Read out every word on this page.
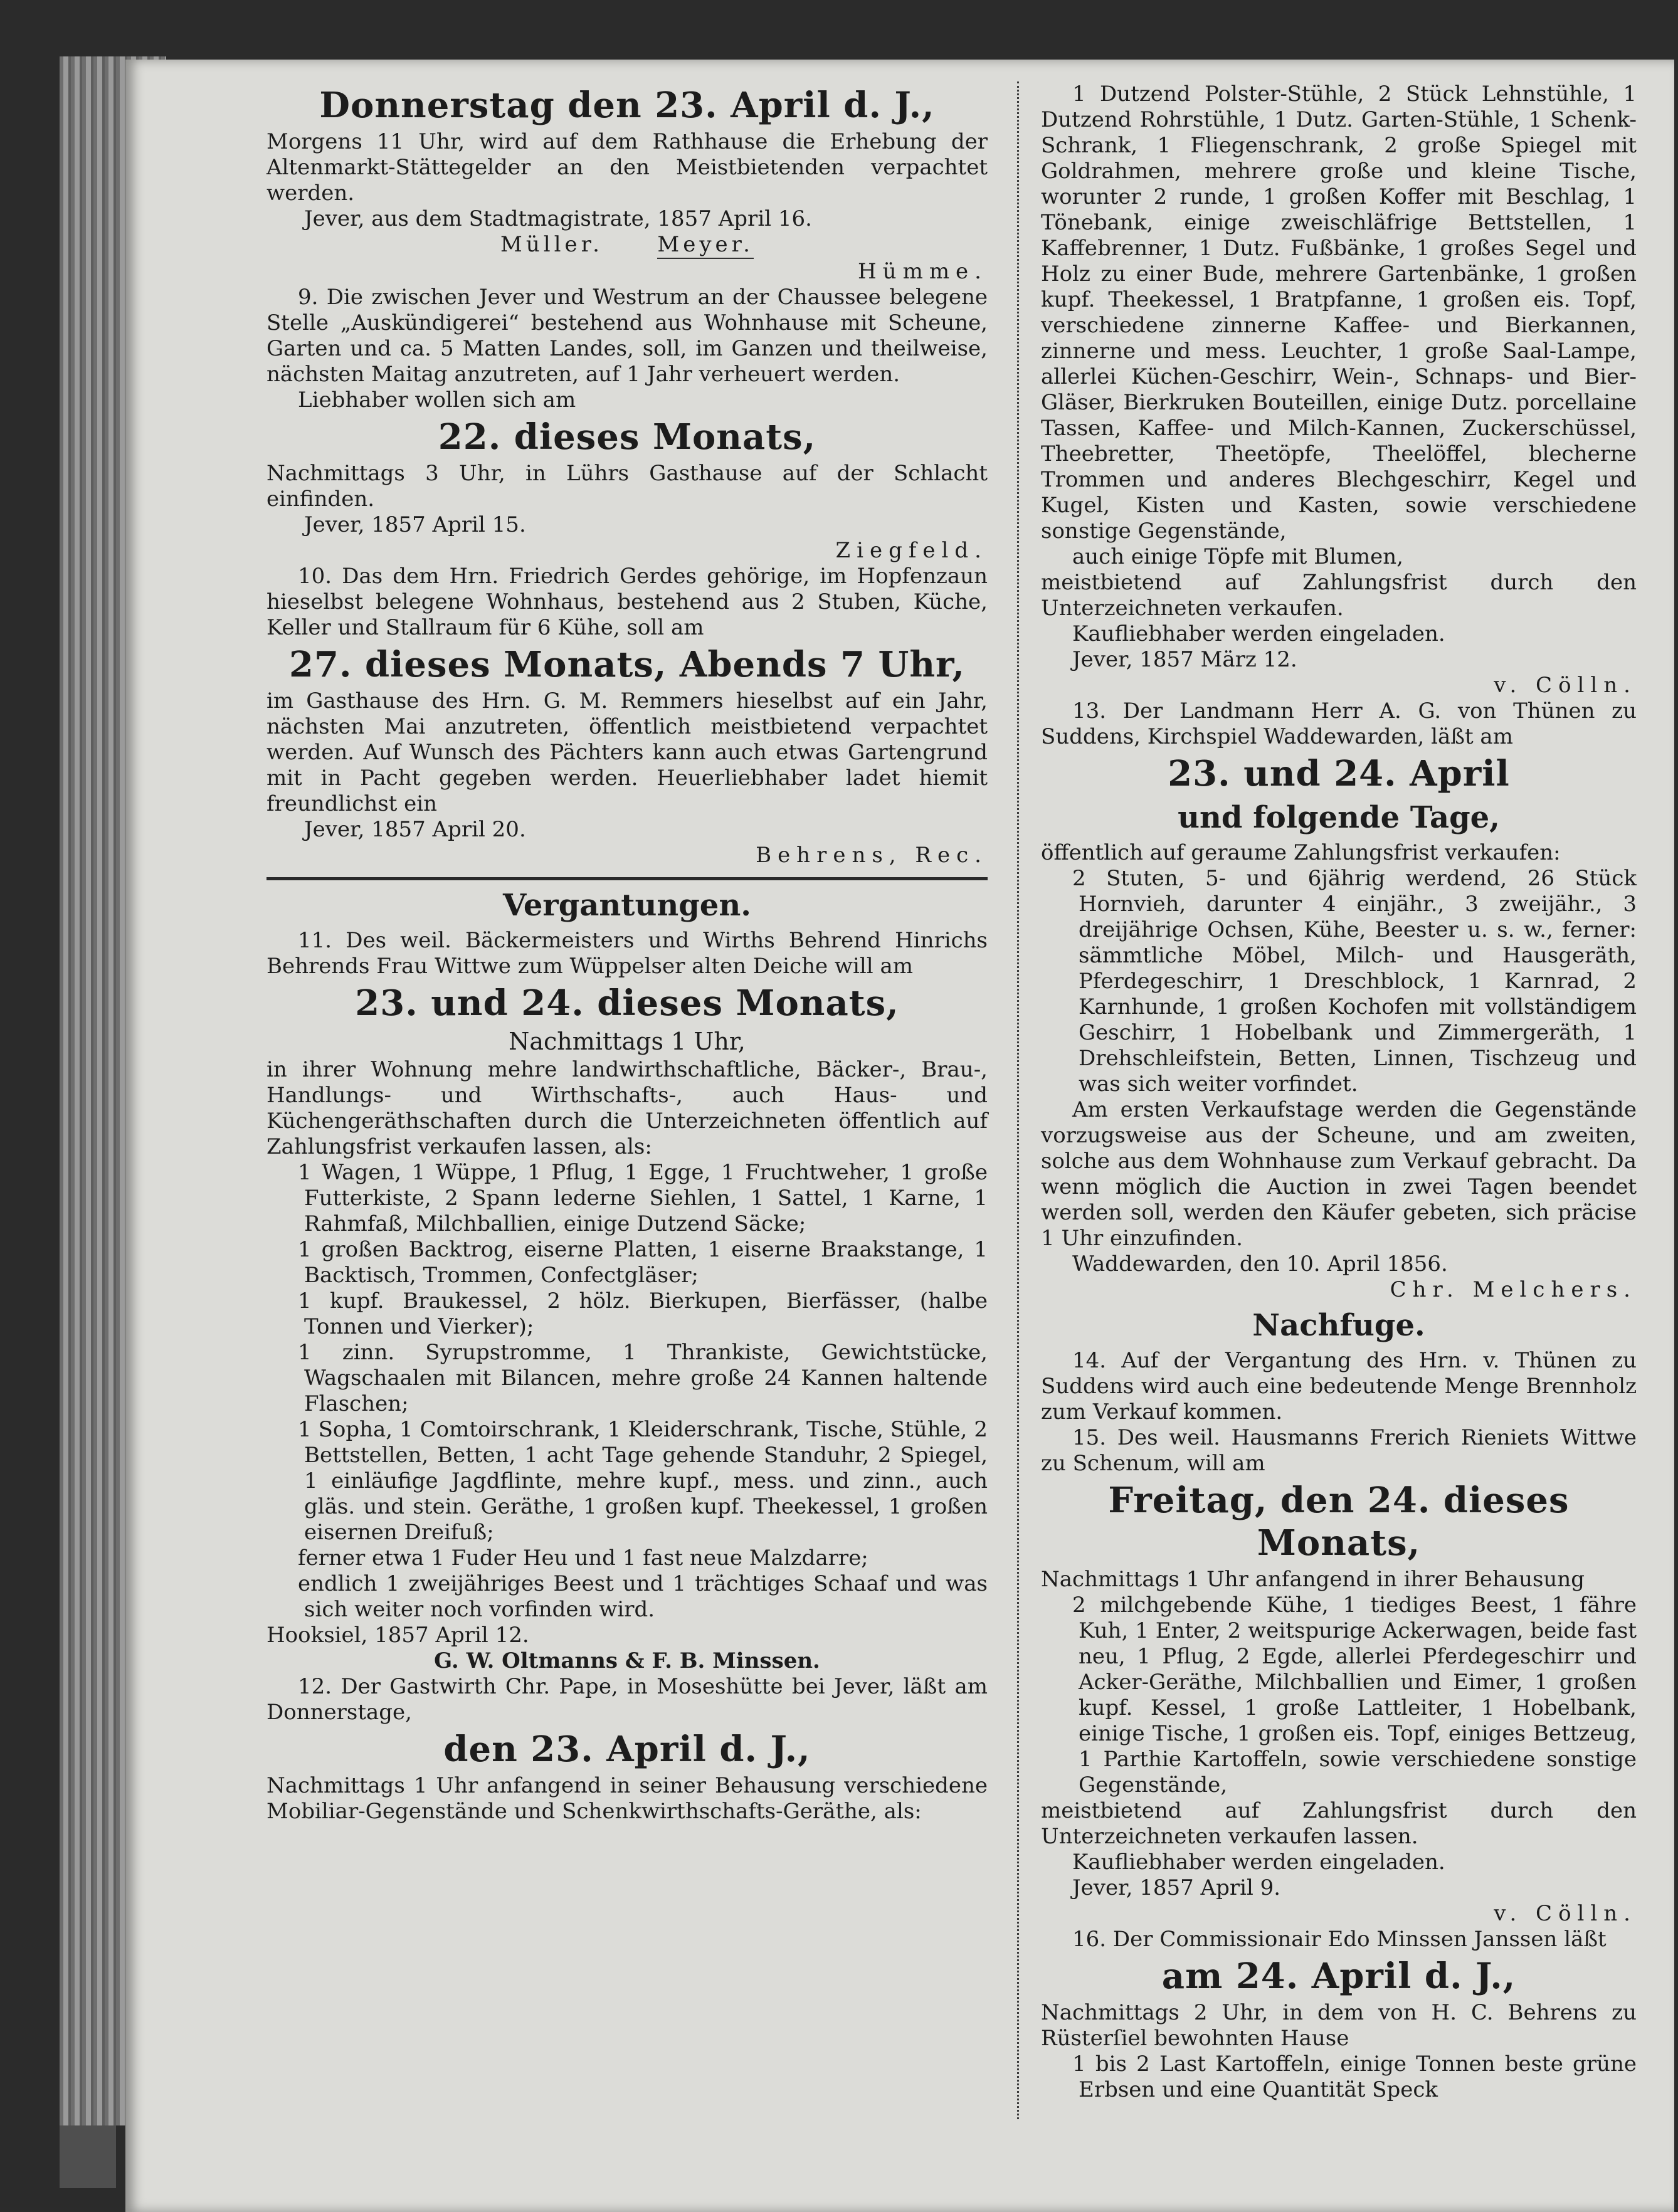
Donnerstag den 23. April d. J.,

Morgens 11 Uhr, wird auf dem Rathhause die Erhebung der Altenmarkt-Stättegelder an den Meistbietenden verpachtet werden.

Jever, aus dem Stadtmagistrate, 1857 April 16.

Müller.	Meyer.

Hümme.

9. Die zwischen Jever und Westrum an der Chaussee belegene Stelle „Auskündigerei“ bestehend aus Wohnhause mit Scheune, Garten und ca. 5 Matten Landes, soll, im Ganzen und theilweise, nächsten Maitag anzutreten, auf 1 Jahr verheuert werden.

Liebhaber wollen sich am

22. dieses Monats,

Nachmittags 3 Uhr, in Lührs Gasthause auf der Schlacht einfinden.

Jever, 1857 April 15.

Ziegfeld.

10. Das dem Hrn. Friedrich Gerdes gehörige, im Hopfenzaun hieselbst belegene Wohnhaus, bestehend aus 2 Stuben, Küche, Keller und Stallraum für 6 Kühe, soll am

27. dieses Monats, Abends 7 Uhr,

im Gasthause des Hrn. G. M. Remmers hieselbst auf ein Jahr, nächsten Mai anzutreten, öffentlich meistbietend verpachtet werden. Auf Wunsch des Pächters kann auch etwas Gartengrund mit in Pacht gegeben werden. Heuerliebhaber ladet hiemit freundlichst ein

Jever, 1857 April 20.

Behrens, Rec.

Vergantungen.

11. Des weil. Bäckermeisters und Wirths Behrend Hinrichs Behrends Frau Wittwe zum Wüppelser alten Deiche will am

23. und 24. dieses Monats,

Nachmittags 1 Uhr,

in ihrer Wohnung mehre landwirthschaftliche, Bäcker-, Brau-, Handlungs- und Wirthschafts-, auch Haus- und Küchengeräthschaften durch die Unterzeichneten öffentlich auf Zahlungsfrist verkaufen lassen, als:

1 Wagen, 1 Wüppe, 1 Pflug, 1 Egge, 1 Fruchtweher, 1 große Futterkiste, 2 Spann lederne Siehlen, 1 Sattel, 1 Karne, 1 Rahmfaß, Milchballien, einige Dutzend Säcke;

1 großen Backtrog, eiserne Platten, 1 eiserne Braakstange, 1 Backtisch, Trommen, Confectgläser;

1 kupf. Braukessel, 2 hölz. Bierkupen, Bierfässer, (halbe Tonnen und Vierker);

1 zinn. Syrupstromme, 1 Thrankiste, Gewichtstücke, Wagschaalen mit Bilancen, mehre große 24 Kannen haltende Flaschen;

1 Sopha, 1 Comtoirschrank, 1 Kleiderschrank, Tische, Stühle, 2 Bettstellen, Betten, 1 acht Tage gehende Standuhr, 2 Spiegel, 1 einläufige Jagdflinte, mehre kupf., mess. und zinn., auch gläs. und stein. Geräthe, 1 großen kupf. Theekessel, 1 großen eisernen Dreifuß;

ferner etwa 1 Fuder Heu und 1 fast neue Malzdarre;

endlich 1 zweijähriges Beest und 1 trächtiges Schaaf und was sich weiter noch vorfinden wird.

Hooksiel, 1857 April 12.

G. W. Oltmanns & F. B. Minssen.

12. Der Gastwirth Chr. Pape, in Moseshütte bei Jever, läßt am Donnerstage,

den 23. April d. J.,

Nachmittags 1 Uhr anfangend in seiner Behausung verschiedene Mobiliar-Gegenstände und Schenkwirthschafts-Geräthe, als:

1 Dutzend Polster-Stühle, 2 Stück Lehnstühle, 1 Dutzend Rohrstühle, 1 Dutz. Garten-Stühle, 1 Schenk-Schrank, 1 Fliegenschrank, 2 große Spiegel mit Goldrahmen, mehrere große und kleine Tische, worunter 2 runde, 1 großen Koffer mit Beschlag, 1 Tönebank, einige zweischläfrige Bettstellen, 1 Kaffebrenner, 1 Dutz. Fußbänke, 1 großes Segel und Holz zu einer Bude, mehrere Gartenbänke, 1 großen kupf. Theekessel, 1 Bratpfanne, 1 großen eis. Topf, verschiedene zinnerne Kaffee- und Bierkannen, zinnerne und mess. Leuchter, 1 große Saal-Lampe, allerlei Küchen-Geschirr, Wein-, Schnaps- und Bier-Gläser, Bierkruken Bouteillen, einige Dutz. porcellaine Tassen, Kaffee- und Milch-Kannen, Zuckerschüssel, Theebretter, Theetöpfe, Theelöffel, blecherne Trommen und anderes Blechgeschirr, Kegel und Kugel, Kisten und Kasten, sowie verschiedene sonstige Gegenstände,

auch einige Töpfe mit Blumen,

meistbietend auf Zahlungsfrist durch den Unterzeichneten verkaufen.

Kaufliebhaber werden eingeladen.

Jever, 1857 März 12.

v. Cölln.

13. Der Landmann Herr A. G. von Thünen zu Suddens, Kirchspiel Waddewarden, läßt am

23. und 24. April

und folgende Tage,

öffentlich auf geraume Zahlungsfrist verkaufen:

2 Stuten, 5- und 6jährig werdend, 26 Stück Hornvieh, darunter 4 einjähr., 3 zweijähr., 3 dreijährige Ochsen, Kühe, Beester u. s. w., ferner: sämmtliche Möbel, Milch- und Hausgeräth, Pferdegeschirr, 1 Dreschblock, 1 Karnrad, 2 Karnhunde, 1 großen Kochofen mit vollständigem Geschirr, 1 Hobelbank und Zimmergeräth, 1 Drehschleifstein, Betten, Linnen, Tischzeug und was sich weiter vorfindet.

Am ersten Verkaufstage werden die Gegenstände vorzugsweise aus der Scheune, und am zweiten, solche aus dem Wohnhause zum Verkauf gebracht. Da wenn möglich die Auction in zwei Tagen beendet werden soll, werden den Käufer gebeten, sich präcise 1 Uhr einzufinden.

Waddewarden, den 10. April 1856.

Chr. Melchers.

Nachfuge.

14. Auf der Vergantung des Hrn. v. Thünen zu Suddens wird auch eine bedeutende Menge Brennholz zum Verkauf kommen.

15. Des weil. Hausmanns Frerich Rieniets Wittwe zu Schenum, will am

Freitag, den 24. dieses Monats,

Nachmittags 1 Uhr anfangend in ihrer Behausung

2 milchgebende Kühe, 1 tiediges Beest, 1 fähre Kuh, 1 Enter, 2 weitspurige Ackerwagen, beide fast neu, 1 Pflug, 2 Egde, allerlei Pferdegeschirr und Acker-Geräthe, Milchballien und Eimer, 1 großen kupf. Kessel, 1 große Lattleiter, 1 Hobelbank, einige Tische, 1 großen eis. Topf, einiges Bettzeug, 1 Parthie Kartoffeln, sowie verschiedene sonstige Gegenstände,

meistbietend auf Zahlungsfrist durch den Unterzeichneten verkaufen lassen.

Kaufliebhaber werden eingeladen.

Jever, 1857 April 9.

v. Cölln.

16. Der Commissionair Edo Minssen Janssen läßt

am 24. April d. J.,

Nachmittags 2 Uhr, in dem von H. C. Behrens zu Rüsterſiel bewohnten Hause

1 bis 2 Last Kartoffeln, einige Tonnen beste grüne Erbsen und eine Quantität Speck
